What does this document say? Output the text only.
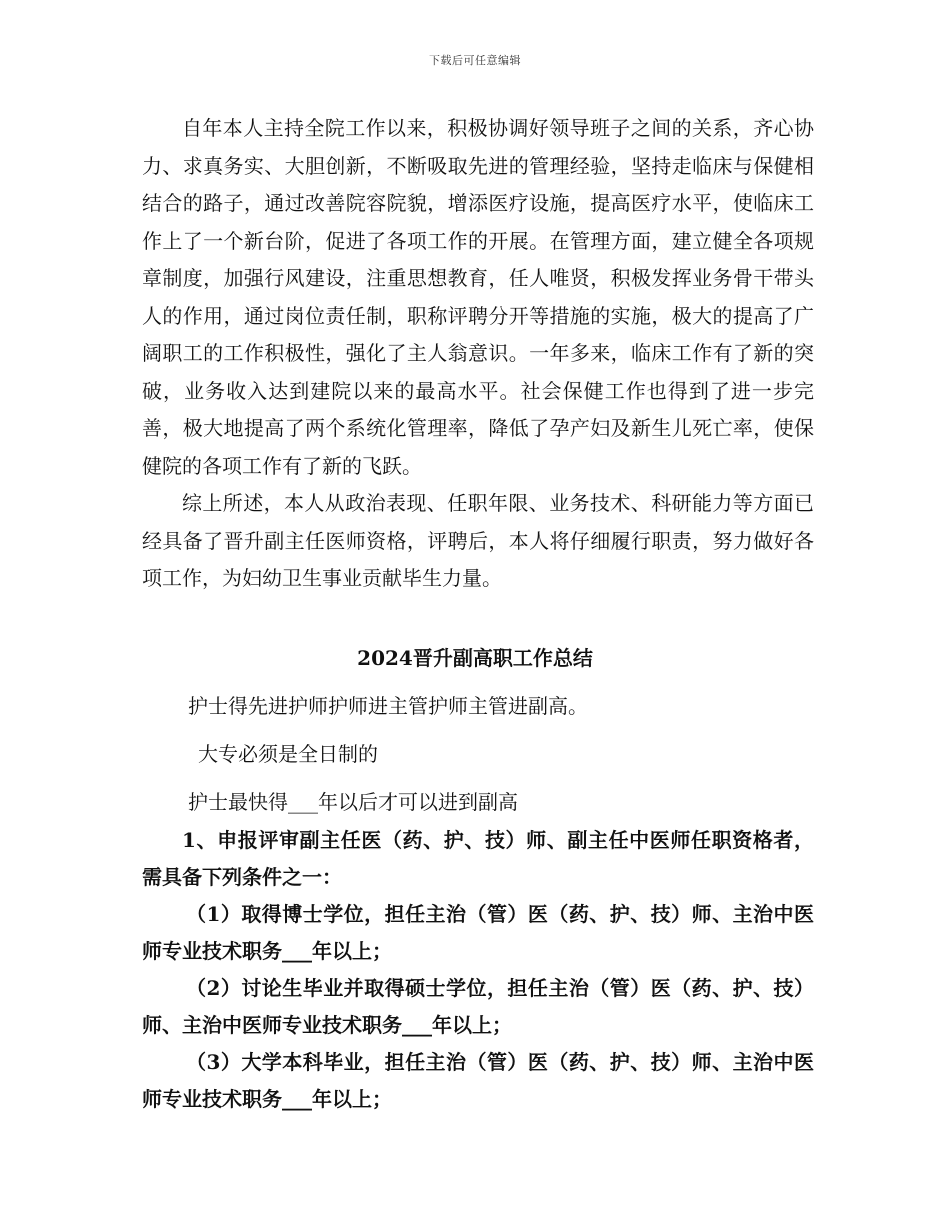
下载后可任意编辑

自年本人主持全院工作以来，积极协调好领导班子之间的关系，齐心协力、求真务实、大胆创新，不断吸取先进的管理经验，坚持走临床与保健相结合的路子，通过改善院容院貌，增添医疗设施，提高医疗水平，使临床工作上了一个新台阶，促进了各项工作的开展。在管理方面，建立健全各项规章制度，加强行风建设，注重思想教育，任人唯贤，积极发挥业务骨干带头人的作用，通过岗位责任制，职称评聘分开等措施的实施，极大的提高了广阔职工的工作积极性，强化了主人翁意识。一年多来，临床工作有了新的突破，业务收入达到建院以来的最高水平。社会保健工作也得到了进一步完善，极大地提高了两个系统化管理率，降低了孕产妇及新生儿死亡率，使保健院的各项工作有了新的飞跃。

综上所述，本人从政治表现、任职年限、业务技术、科研能力等方面已经具备了晋升副主任医师资格，评聘后，本人将仔细履行职责，努力做好各项工作，为妇幼卫生事业贡献毕生力量。

2024晋升副高职工作总结
护士得先进护师护师进主管护师主管进副高。
大专必须是全日制的
护士最快得___年以后才可以进到副高

1、申报评审副主任医（药、护、技）师、副主任中医师任职资格者，需具备下列条件之一：

（1）取得博士学位，担任主治（管）医（药、护、技）师、主治中医师专业技术职务___年以上；

（2）讨论生毕业并取得硕士学位，担任主治（管）医（药、护、技）师、主治中医师专业技术职务___年以上；

（3）大学本科毕业，担任主治（管）医（药、护、技）师、主治中医师专业技术职务___年以上；
